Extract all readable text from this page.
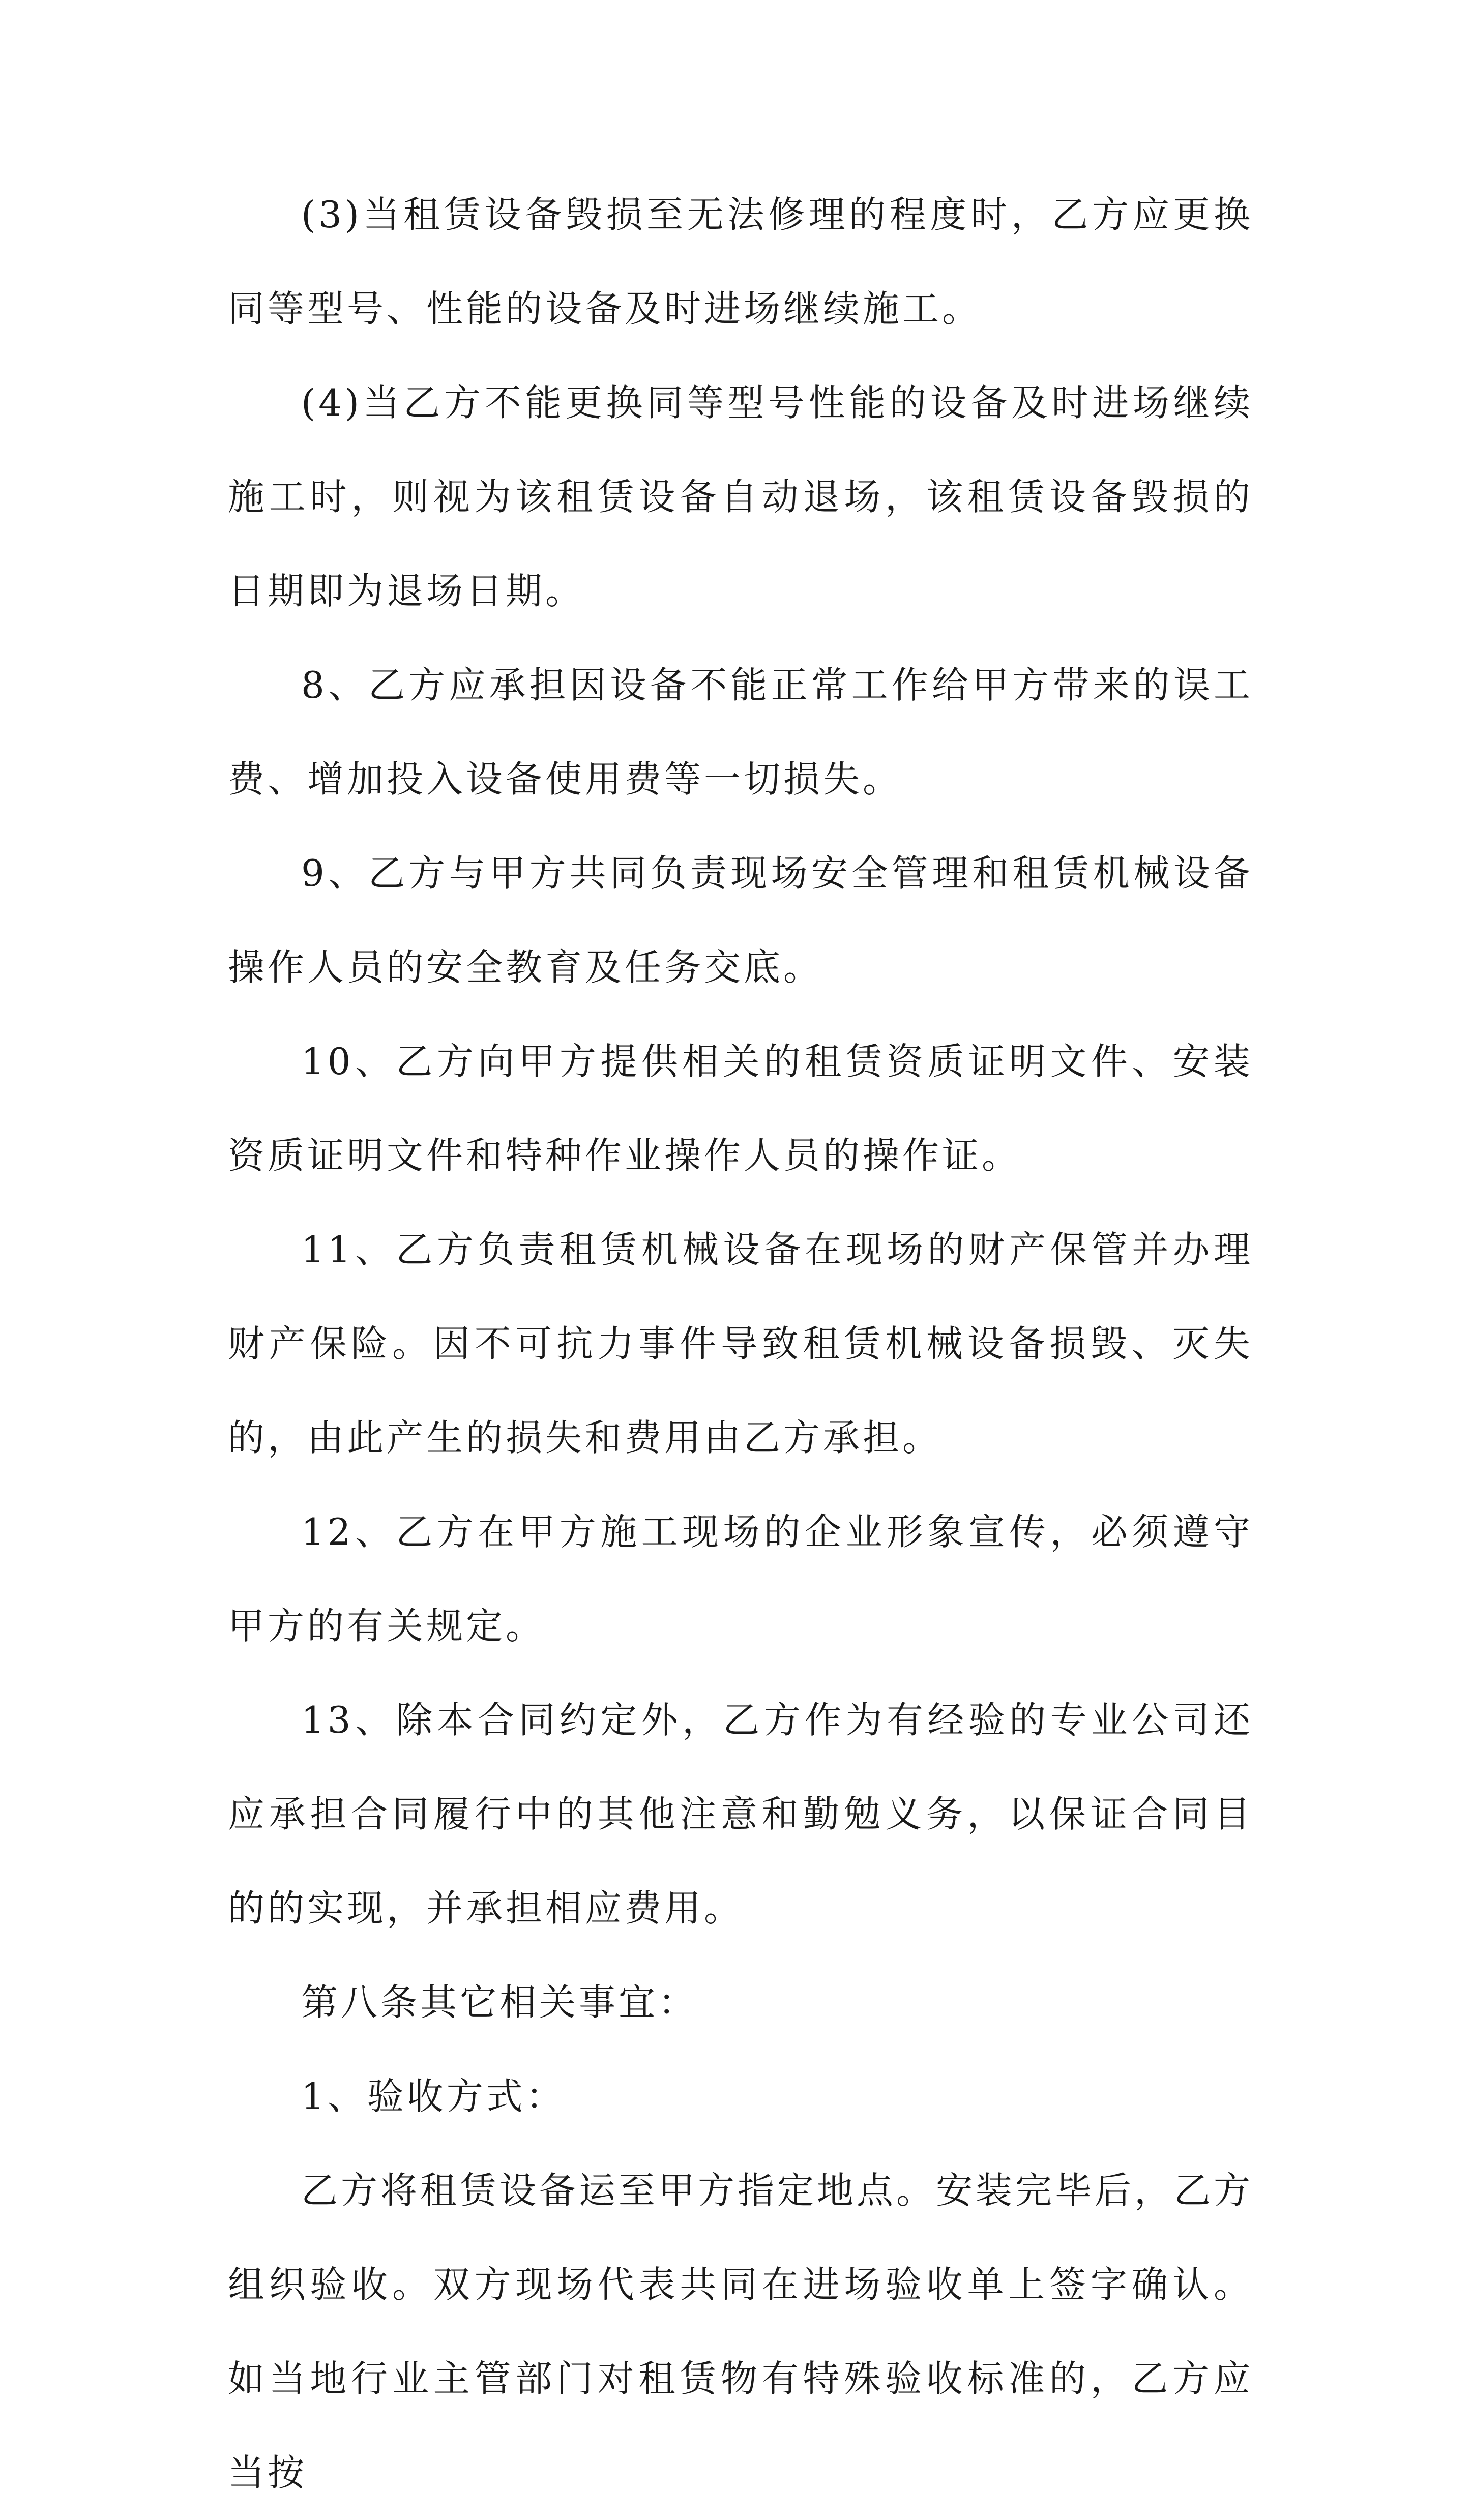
(3)当租赁设备毁损至无法修理的程度时，乙方应更换同等型号、性能的设备及时进场继续施工。

(4)当乙方不能更换同等型号性能的设备及时进场继续施工时，则视为该租赁设备自动退场，该租赁设备毁损的日期即为退场日期。

8、乙方应承担因设备不能正常工作给甲方带来的误工费、增加投入设备使用费等一切损失。

9、乙方与甲方共同负责现场安全管理和租赁机械设备操作人员的安全教育及任务交底。

10、乙方向甲方提供相关的租赁资质证明文件、安装资质证明文件和特种作业操作人员的操作证。

11、乙方负责租赁机械设备在现场的财产保管并办理财产保险。因不可抗力事件导致租赁机械设备损毁、灭失的，由此产生的损失和费用由乙方承担。

12、乙方在甲方施工现场的企业形象宣传，必须遵守甲方的有关规定。

13、除本合同约定外，乙方作为有经验的专业公司还应承担合同履行中的其他注意和勤勉义务，以保证合同目的的实现，并承担相应费用。

第八条其它相关事宜：

1、验收方式：

乙方将租赁设备运至甲方指定地点。安装完毕后，乙方组织验收。双方现场代表共同在进场验收单上签字确认。如当地行业主管部门对租赁物有特殊验收标准的，乙方应当按
